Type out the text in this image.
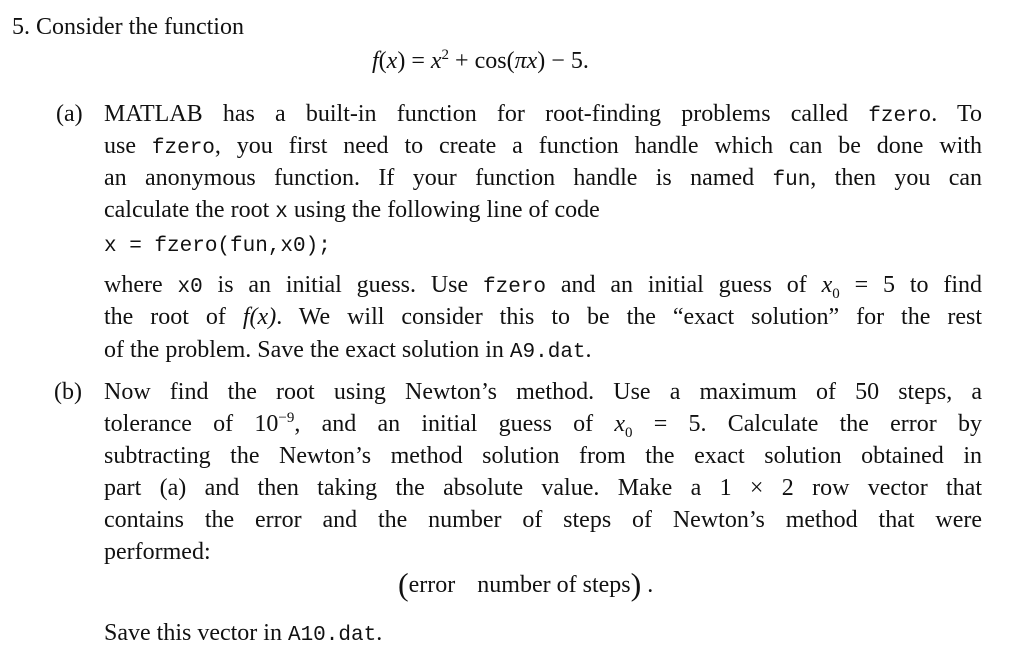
5. Consider the function
$f(x) = x^2 + \cos(\pi x) - 5$.
(a) MATLAB has a built-in function for root-finding problems called fzero. To
use fzero, you first need to create a function handle which can be done with
an anonymous function. If your function handle is named fun, then you can
calculate the root x using the following line of code
x = fzero(fun,x0);
where x0 is an initial guess. Use fzero and an initial guess of $x_0 = 5$ to find
the root of f(x). We will consider this to be the “exact solution” for the rest
of the problem. Save the exact solution in A9.dat.
(b) Now find the root using Newton’s method. Use a maximum of 50 steps, a
tolerance of $10^{-9}$, and an initial guess of $x_0 = 5$. Calculate the error by
subtracting the Newton’s method solution from the exact solution obtained in
part (a) and then taking the absolute value. Make a 1 × 2 row vector that
contains the error and the number of steps of Newton’s method that were
performed:
(error number of steps) .
Save this vector in A10.dat.
